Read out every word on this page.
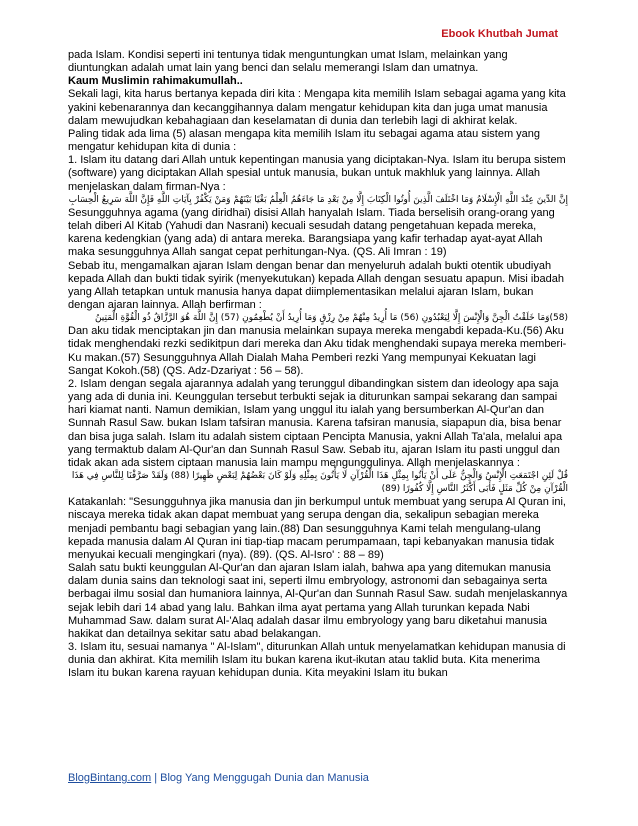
Ebook Khutbah Jumat

pada Islam. Kondisi seperti ini tentunya tidak menguntungkan umat Islam, melainkan yang diuntungkan adalah umat lain yang benci dan selalu memerangi Islam dan umatnya.

Kaum Muslimin rahimakumullah..

Sekali lagi, kita harus bertanya kepada diri kita : Mengapa kita memilih Islam sebagai agama yang kita yakini kebenarannya dan kecanggihannya dalam mengatur kehidupan kita dan juga umat manusia dalam mewujudkan kebahagiaan dan keselamatan di dunia dan terlebih lagi di akhirat kelak.

Paling tidak ada lima (5) alasan mengapa kita memilih Islam itu sebagai agama atau sistem yang mengatur kehidupan kita di dunia :

1. Islam itu datang dari Allah untuk kepentingan manusia yang diciptakan-Nya. Islam itu berupa sistem (software) yang diciptakan Allah spesial untuk manusia, bukan untuk makhluk yang lainnya. Allah menjelaskan dalam firman-Nya :

إِنَّ الدِّينَ عِنْدَ اللَّهِ الْإِسْلَامُ وَمَا اخْتَلَفَ الَّذِينَ أُوتُوا الْكِتَابَ إِلَّا مِنْ بَعْدِ مَا جَاءَهُمُ الْعِلْمُ بَغْيًا بَيْنَهُمْ وَمَنْ يَكْفُرْ بِآيَاتِ اللَّهِ فَإِنَّ اللَّهَ سَرِيعُ الْحِسَابِ

Sesungguhnya agama (yang diridhai) disisi Allah hanyalah Islam. Tiada berselisih orang-orang yang telah diberi Al Kitab (Yahudi dan Nasrani) kecuali sesudah datang pengetahuan kepada mereka, karena kedengkian (yang ada) di antara mereka. Barangsiapa yang kafir terhadap ayat-ayat Allah maka sesungguhnya Allah sangat cepat perhitungan-Nya. (QS. Ali Imran : 19)

Sebab itu, mengamalkan ajaran Islam dengan benar dan menyeluruh adalah bukti otentik ubudiyah kepada Allah dan bukti tidak syirik (menyekutukan) kepada Allah dengan sesuatu apapun. Misi ibadah yang Allah tetapkan untuk manusia hanya dapat diimplementasikan melalui ajaran Islam, bukan dengan ajaran lainnya. Allah berfirman :

(58)وَمَا خَلَقْتُ الْجِنَّ وَالْإِنْسَ إِلَّا لِيَعْبُدُونِ (56) مَا أُرِيدُ مِنْهُمْ مِنْ رِزْقٍ وَمَا أُرِيدُ أَنْ يُطْعِمُونِ (57) إِنَّ اللَّهَ هُوَ الرَّزَّاقُ ذُو الْقُوَّةِ الْمَتِينُ

Dan aku tidak menciptakan jin dan manusia melainkan supaya mereka mengabdi kepada-Ku.(56) Aku tidak menghendaki rezki sedikitpun dari mereka dan Aku tidak menghendaki supaya mereka memberi-Ku makan.(57) Sesungguhnya Allah Dialah Maha Pemberi rezki Yang mempunyai Kekuatan lagi Sangat Kokoh.(58) (QS. Adz-Dzariyat : 56 – 58).

2. Islam dengan segala ajarannya adalah yang terunggul dibandingkan sistem dan ideology apa saja yang ada di dunia ini. Keunggulan tersebut terbukti sejak ia diturunkan sampai sekarang dan sampai hari kiamat nanti. Namun demikian, Islam yang unggul itu ialah yang bersumberkan Al-Qur'an dan Sunnah Rasul Saw. bukan Islam tafsiran manusia. Karena tafsiran manusia, siapapun dia, bisa benar dan bisa juga salah. Islam itu adalah sistem ciptaan Pencipta Manusia, yakni Allah Ta'ala, melalui apa yang termaktub dalam Al-Qur'an dan Sunnah Rasul Saw. Sebab itu, ajaran Islam itu pasti unggul dan tidak akan ada sistem ciptaan manusia lain mampu mengunggulinya. Allah menjelaskannya :

قُلْ لَئِنِ اجْتَمَعَتِ الْإِنْسُ وَالْجِنُّ عَلَى أَنْ يَأْتُوا بِمِثْلِ هَذَا الْقُرْآنِ لَا يَأْتُونَ بِمِثْلِهِ وَلَوْ كَانَ بَعْضُهُمْ لِبَعْضٍ ظَهِيرًا (88) وَلَقَدْ صَرَّفْنَا لِلنَّاسِ فِي هَذَا الْقُرْآنِ مِنْ كُلِّ مَثَلٍ فَأَبَى أَكْثَرُ النَّاسِ إِلَّا كُفُورًا (89)

Katakanlah: "Sesungguhnya jika manusia dan jin berkumpul untuk membuat yang serupa Al Quran ini, niscaya mereka tidak akan dapat membuat yang serupa dengan dia, sekalipun sebagian mereka menjadi pembantu bagi sebagian yang lain.(88) Dan sesungguhnya Kami telah mengulang-ulang kepada manusia dalam Al Quran ini tiap-tiap macam perumpamaan, tapi kebanyakan manusia tidak menyukai kecuali mengingkari (nya). (89). (QS. Al-Isro' : 88 – 89)

Salah satu bukti keunggulan Al-Qur'an dan ajaran Islam ialah, bahwa apa yang ditemukan manusia dalam dunia sains dan teknologi saat ini, seperti ilmu embryology, astronomi dan sebagainya serta berbagai ilmu sosial dan humaniora lainnya, Al-Qur'an dan Sunnah Rasul Saw. sudah menjelaskannya sejak lebih dari 14 abad yang lalu. Bahkan ilma ayat pertama yang Allah turunkan kepada Nabi Muhammad Saw. dalam surat Al-'Alaq adalah dasar ilmu embryology yang baru diketahui manusia hakikat dan detailnya sekitar satu abad belakangan.

3. Islam itu, sesuai namanya " Al-Islam", diturunkan Allah untuk menyelamatkan kehidupan manusia di dunia dan akhirat. Kita memilih Islam itu bukan karena ikut-ikutan atau taklid buta. Kita menerima Islam itu bukan karena rayuan kehidupan dunia. Kita meyakini Islam itu bukan

BlogBintang.com | Blog Yang Menggugah Dunia dan Manusia
